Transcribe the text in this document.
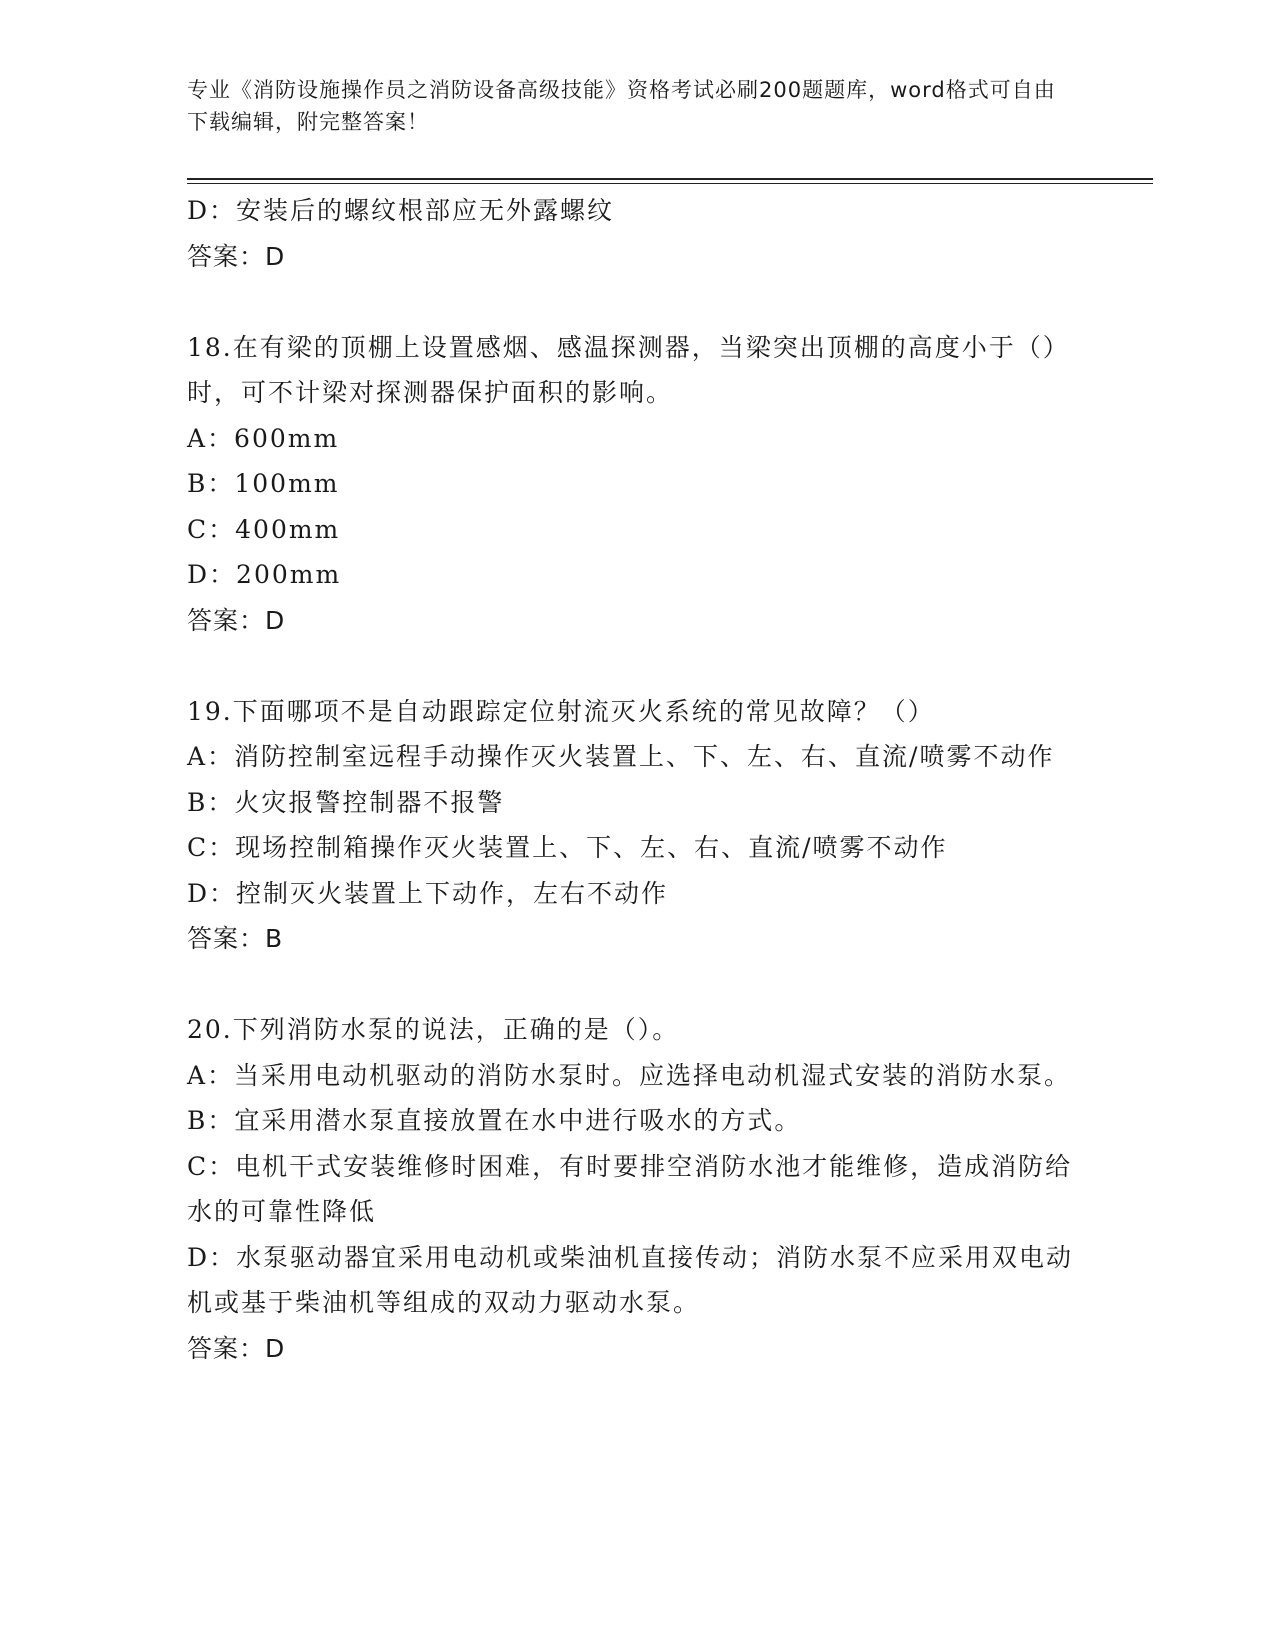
专业《消防设施操作员之消防设备高级技能》资格考试必刷200题题库，word格式可自由下载编辑，附完整答案！

D：安装后的螺纹根部应无外露螺纹

答案：D

18.在有梁的顶棚上设置感烟、感温探测器，当梁突出顶棚的高度小于（）时，可不计梁对探测器保护面积的影响。

A：600mm

B：100mm

C：400mm

D：200mm

答案：D

19.下面哪项不是自动跟踪定位射流灭火系统的常见故障？（）

A：消防控制室远程手动操作灭火装置上、下、左、右、直流/喷雾不动作

B：火灾报警控制器不报警

C：现场控制箱操作灭火装置上、下、左、右、直流/喷雾不动作

D：控制灭火装置上下动作，左右不动作

答案：B

20.下列消防水泵的说法，正确的是（）。

A：当采用电动机驱动的消防水泵时。应选择电动机湿式安装的消防水泵。

B：宜采用潜水泵直接放置在水中进行吸水的方式。

C：电机干式安装维修时困难，有时要排空消防水池才能维修，造成消防给水的可靠性降低

D：水泵驱动器宜采用电动机或柴油机直接传动；消防水泵不应采用双电动机或基于柴油机等组成的双动力驱动水泵。

答案：D
